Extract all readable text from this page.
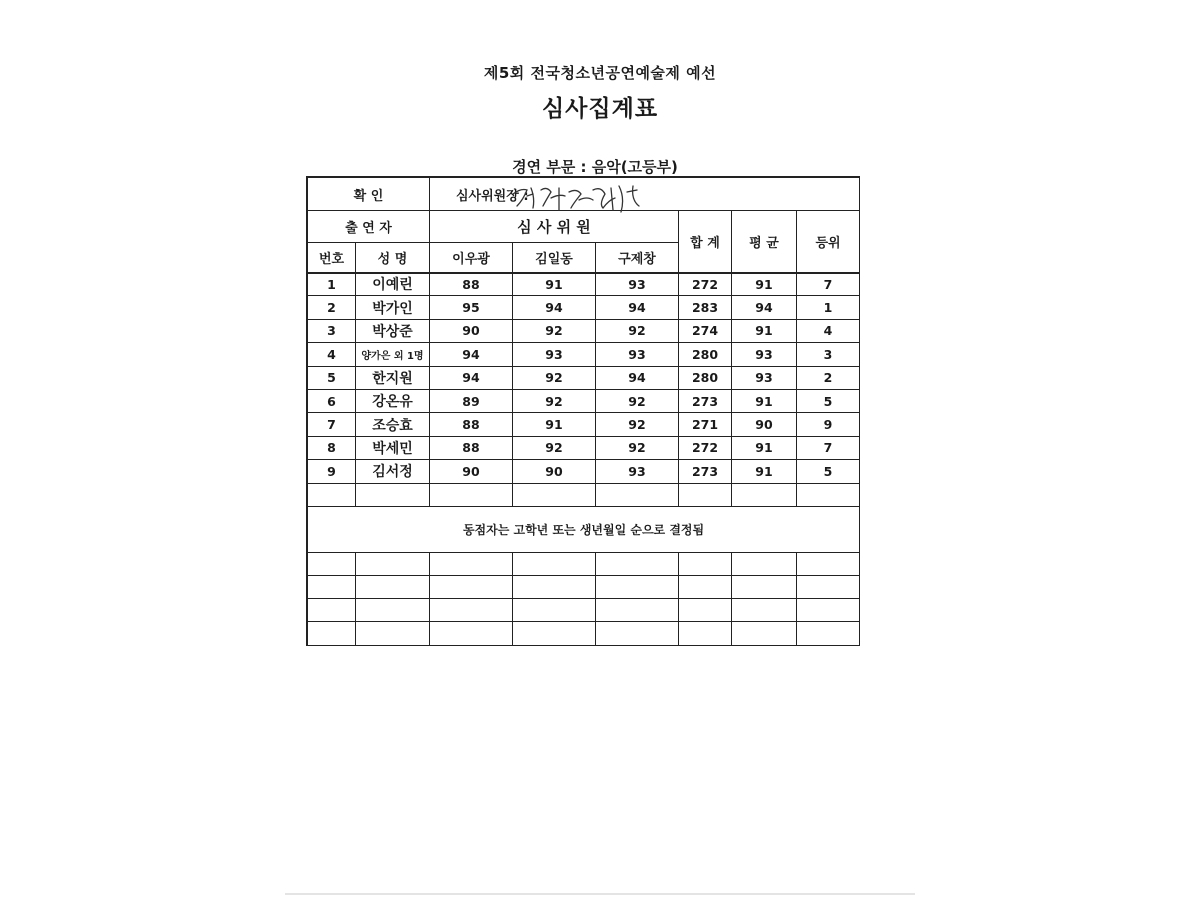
제5회 전국청소년공연예술제 예선
심사집계표
경연 부문 : 음악(고등부)
확 인		심사위원장 :					
출 연 자		심 사 위 원			합 계	평 균	등위
번호	성 명	이우광	김일동	구제창			
1	이예린	88	91	93	272	91	7
2	박가인	95	94	94	283	94	1
3	박상준	90	92	92	274	91	4
4	양가은 외 1명	94	93	93	280	93	3
5	한지원	94	92	94	280	93	2
6	강온유	89	92	92	273	91	5
7	조승효	88	91	92	271	90	9
8	박세민	88	92	92	272	91	7
9	김서정	90	90	93	273	91	5

동점자는 고학년 또는 생년월일 순으로 결정됨							
